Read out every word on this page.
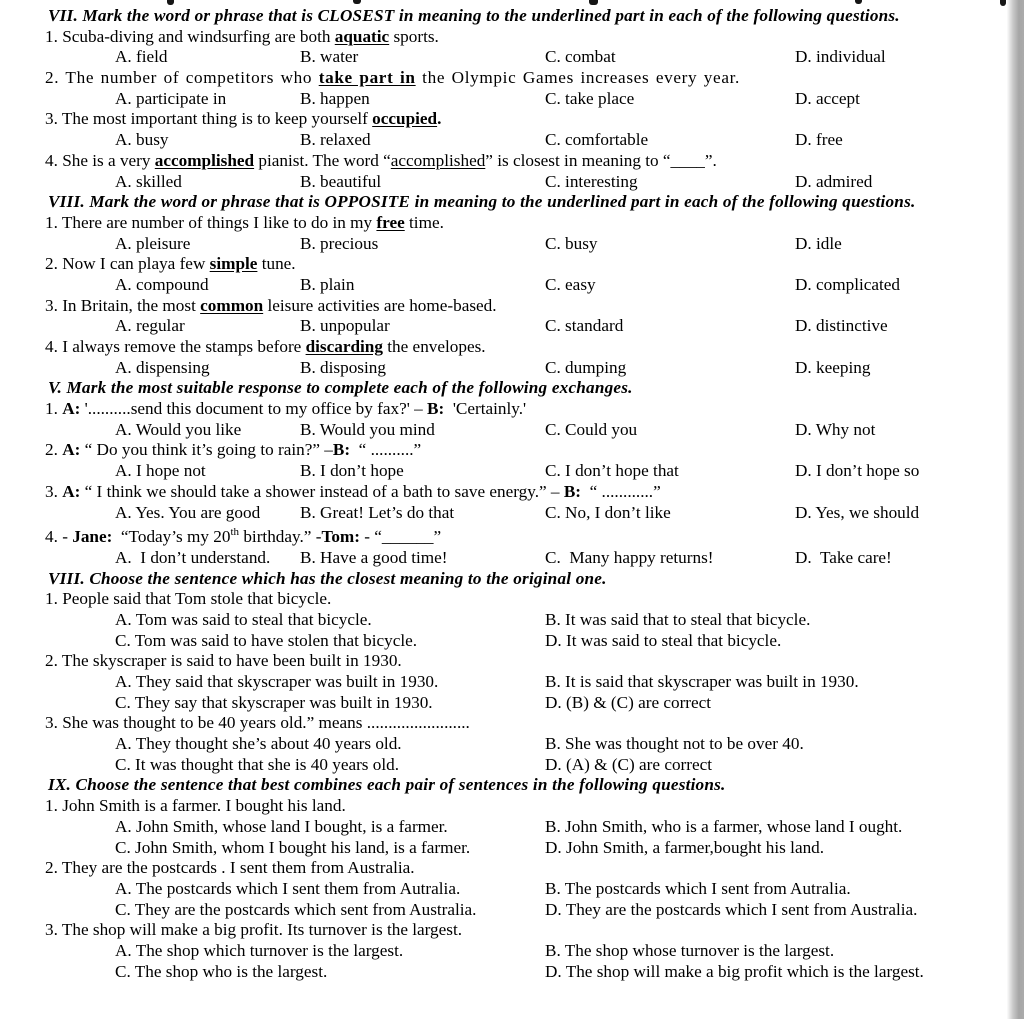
VII. Mark the word or phrase that is CLOSEST in meaning to the underlined part in each of the following questions.
1. Scuba-diving and windsurfing are both aquatic sports.
A. field	B. water	C. combat	D. individual
2. The number of competitors who take part in the Olympic Games increases every year.
A. participate in	B. happen	C. take place	D. accept
3. The most important thing is to keep yourself occupied.
A. busy	B. relaxed	C. comfortable	D. free
4. She is a very accomplished pianist. The word “accomplished” is closest in meaning to “____”.
A. skilled	B. beautiful	C. interesting	D. admired
VIII. Mark the word or phrase that is OPPOSITE in meaning to the underlined part in each of the following questions.
1. There are number of things I like to do in my free time.
A. pleisure	B. precious	C. busy	D. idle
2. Now I can playa few simple tune.
A. compound	B. plain	C. easy	D. complicated
3. In Britain, the most common leisure activities are home-based.
A. regular	B. unpopular	C. standard	D. distinctive
4. I always remove the stamps before discarding the envelopes.
A. dispensing	B. disposing	C. dumping	D. keeping
V. Mark the most suitable response to complete each of the following exchanges.
1. A: '..........send this document to my office by fax?' – B:  'Certainly.'
A. Would you like	B. Would you mind	C. Could you	D. Why not
2. A: “ Do you think it’s going to rain?” –B:  “ ..........”
A. I hope not	B. I don’t hope	C. I don’t hope that	D. I don’t hope so
3. A: “ I think we should take a shower instead of a bath to save energy.” – B:  “ ............”
A. Yes. You are good B. Great! Let’s do that	C. No, I don’t like	D. Yes, we should
4. - Jane:  “Today’s my 20th birthday.” -Tom: - “______”
A.  I don’t understand. B. Have a good time!	C.  Many happy returns!	D.  Take care!
VIII. Choose the sentence which has the closest meaning to the original one.
1. People said that Tom stole that bicycle.
A. Tom was said to steal that bicycle.	B. It was said that to steal that bicycle.
C. Tom was said to have stolen that bicycle.	D. It was said to steal that bicycle.
2. The skyscraper is said to have been built in 1930.
A. They said that skyscraper was built in 1930.	B. It is said that skyscraper was built in 1930.
C. They say that skyscraper was built in 1930.	D. (B) & (C) are correct
3. She was thought to be 40 years old.” means ........................
A. They thought she’s about 40 years old.	B. She was thought not to be over 40.
C. It was thought that she is 40 years old.	D. (A) & (C) are correct
IX. Choose the sentence that best combines each pair of sentences in the following questions.
1. John Smith is a farmer. I bought his land.
A. John Smith, whose land I bought, is a farmer.	B. John Smith, who is a farmer, whose land I ought.
C. John Smith, whom I bought his land, is a farmer.	D. John Smith, a farmer,bought his land.
2. They are the postcards . I sent them from Australia.
A. The postcards which I sent them from Autralia.	B. The postcards which I sent from Autralia.
C. They are the postcards which sent from Australia.	D. They are the postcards which I sent from Australia.
3. The shop will make a big profit. Its turnover is the largest.
A. The shop which turnover is the largest.	B. The shop whose turnover is the largest.
C. The shop who is the largest.	D. The shop will make a big profit which is the largest.
